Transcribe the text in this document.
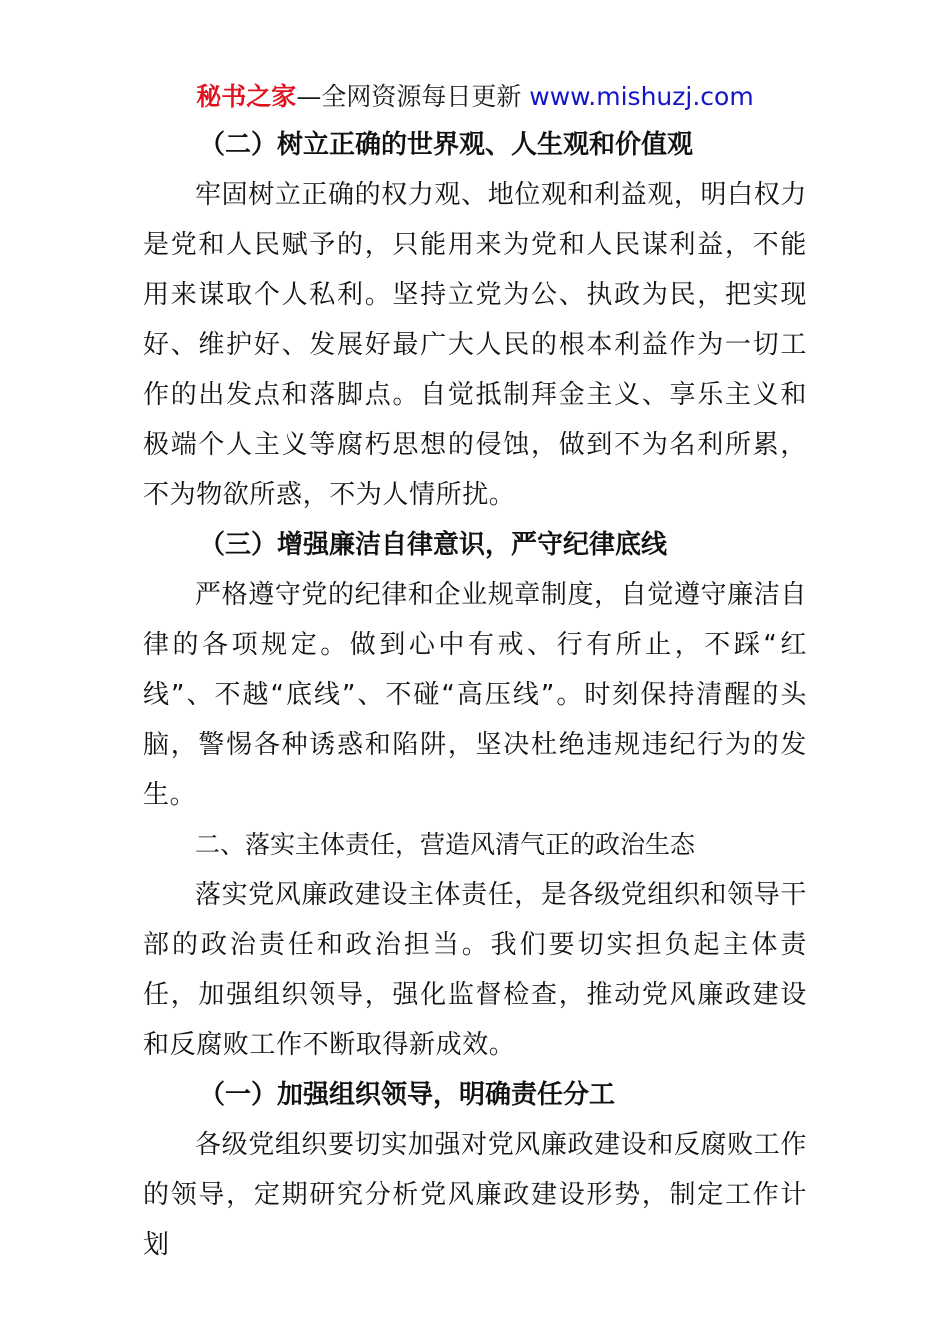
秘书之家—全网资源每日更新 www.mishuzj.com

（二）树立正确的世界观、人生观和价值观

牢固树立正确的权力观、地位观和利益观，明白权力是党和人民赋予的，只能用来为党和人民谋利益，不能用来谋取个人私利。坚持立党为公、执政为民，把实现好、维护好、发展好最广大人民的根本利益作为一切工作的出发点和落脚点。自觉抵制拜金主义、享乐主义和极端个人主义等腐朽思想的侵蚀，做到不为名利所累，不为物欲所惑，不为人情所扰。

（三）增强廉洁自律意识，严守纪律底线

严格遵守党的纪律和企业规章制度，自觉遵守廉洁自律的各项规定。做到心中有戒、行有所止，不踩“红线”、不越“底线”、不碰“高压线”。时刻保持清醒的头脑，警惕各种诱惑和陷阱，坚决杜绝违规违纪行为的发生。

二、落实主体责任，营造风清气正的政治生态

落实党风廉政建设主体责任，是各级党组织和领导干部的政治责任和政治担当。我们要切实担负起主体责任，加强组织领导，强化监督检查，推动党风廉政建设和反腐败工作不断取得新成效。

（一）加强组织领导，明确责任分工

各级党组织要切实加强对党风廉政建设和反腐败工作的领导，定期研究分析党风廉政建设形势，制定工作计划
